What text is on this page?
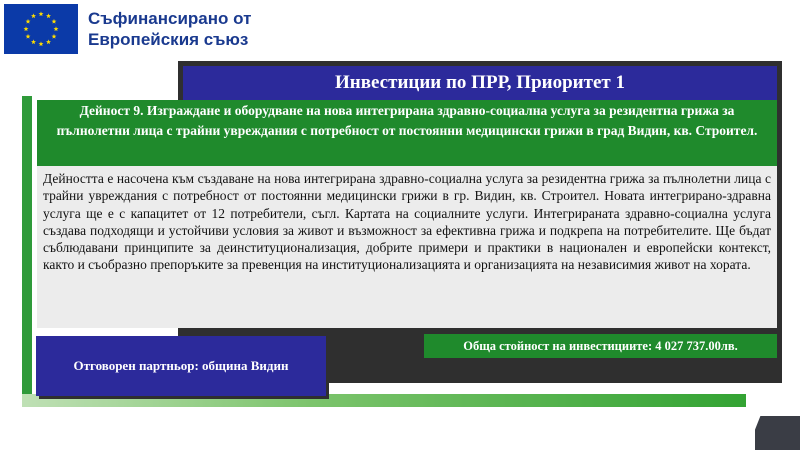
Съфинансирано от
Европейския съюз
Инвестиции по ПРР, Приоритет 1
Дейност 9. Изграждане и оборудване на нова интегрирана здравно-социална услуга за резидентна грижа за пълнолетни лица с трайни увреждания с потребност от постоянни медицински грижи в град Видин, кв. Строител.
Дейността е насочена към създаване на нова интегрирана здравно-социална услуга за резидентна грижа за пълнолетни лица с трайни увреждания с потребност от постоянни медицински грижи в гр. Видин, кв. Строител. Новата интегрирано-здравна услуга ще е с капацитет от 12 потребители, съгл. Картата на социалните услуги. Интегрираната здравно-социална услуга създава подходящи и устойчиви условия за живот и възможност за ефективна грижа и подкрепа на потребителите. Ще бъдат съблюдавани принципите за деинституционализация, добрите примери и практики в национален и европейски контекст, както и съобразно препоръките за превенция на институционализацията и организацията на независимия живот на хората.
Отговорен партньор: община Видин
Обща стойност на инвестициите: 4 027 737.00лв.
